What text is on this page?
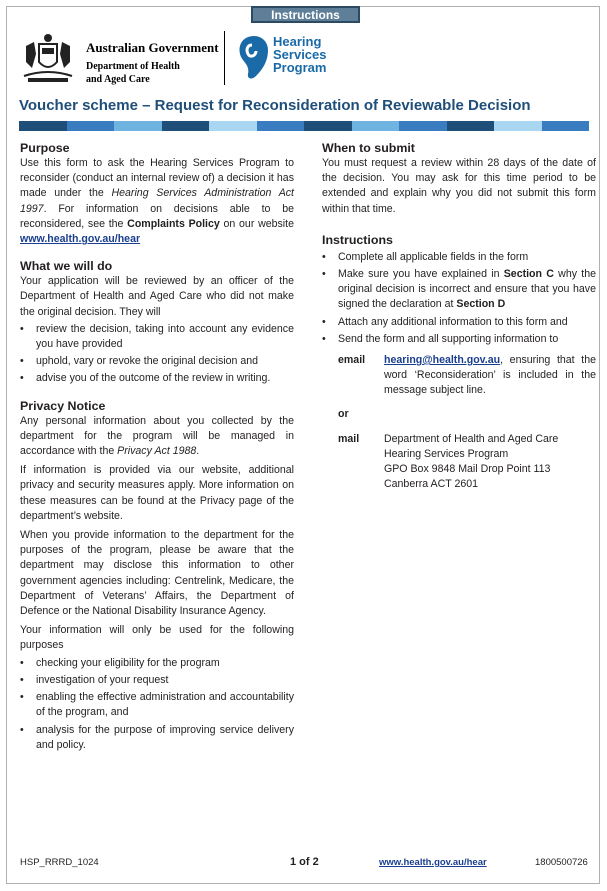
Instructions
Australian Government
Department of Health
and Aged Care
Hearing
Services
Program
Voucher scheme – Request for Reconsideration of Reviewable Decision
Purpose

Use this form to ask the Hearing Services Program to reconsider (conduct an internal review of) a decision it has made under the Hearing Services Administration Act 1997. For information on decisions able to be reconsidered, see the Complaints Policy on our website www.health.gov.au/hear

What we will do

Your application will be reviewed by an officer of the Department of Health and Aged Care who did not make the original decision. They will

• review the decision, taking into account any evidence you have provided
• uphold, vary or revoke the original decision and
• advise you of the outcome of the review in writing.
Privacy Notice

Any personal information about you collected by the department for the program will be managed in accordance with the Privacy Act 1988.

If information is provided via our website, additional privacy and security measures apply. More information on these measures can be found at the Privacy page of the department’s website.

When you provide information to the department for the purposes of the program, please be aware that the department may disclose this information to other government agencies including: Centrelink, Medicare, the Department of Veterans’ Affairs, the Department of Defence or the National Disability Insurance Agency.

Your information will only be used for the following purposes

• checking your eligibility for the program
• investigation of your request
• enabling the effective administration and accountability of the program, and
• analysis for the purpose of improving service delivery and policy.
When to submit

You must request a review within 28 days of the date of the decision. You may ask for this time period to be extended and explain why you did not submit this form within that time.

Instructions
• Complete all applicable fields in the form
• Make sure you have explained in Section C why the original decision is incorrect and ensure that you have signed the declaration at Section D
• Attach any additional information to this form and
• Send the form and all supporting information to
email	hearing@health.gov.au, ensuring that the word ‘Reconsideration’ is included in the message subject line.
or
mail	Department of Health and Aged Care
Hearing Services Program
GPO Box 9848 Mail Drop Point 113
Canberra ACT 2601
HSP_RRRD_1024	1 of 2	www.health.gov.au/hear	1800500726
